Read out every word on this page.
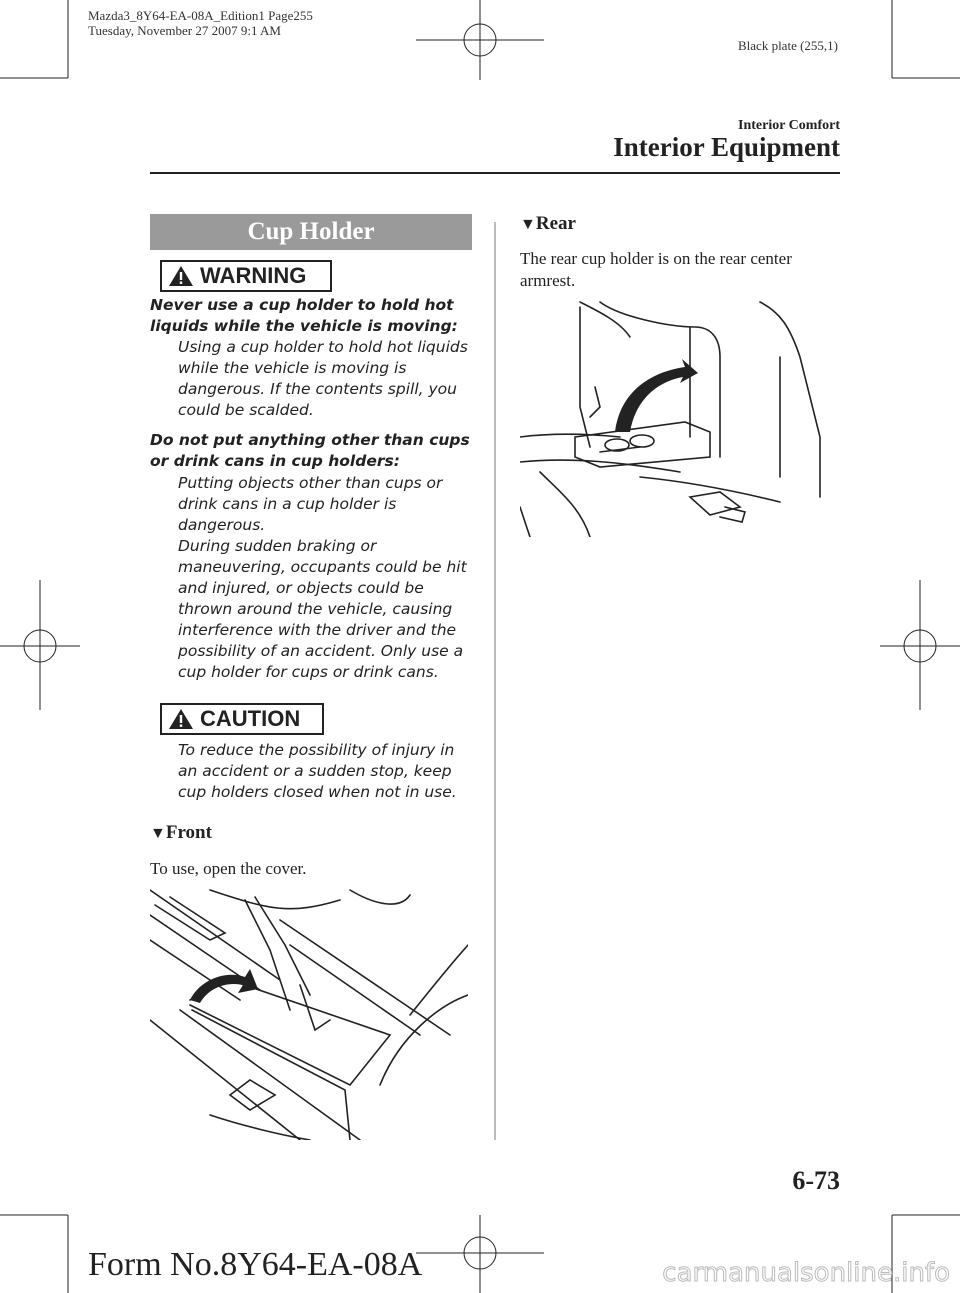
Mazda3_8Y64-EA-08A_Edition1 Page255
Tuesday, November 27 2007 9:1 AM
Black plate (255,1)
Interior Comfort
Interior Equipment
Cup Holder
WARNING
Never use a cup holder to hold hot liquids while the vehicle is moving:
Using a cup holder to hold hot liquids while the vehicle is moving is dangerous. If the contents spill, you could be scalded.
Do not put anything other than cups or drink cans in cup holders:
Putting objects other than cups or drink cans in a cup holder is dangerous.
During sudden braking or maneuvering, occupants could be hit and injured, or objects could be thrown around the vehicle, causing interference with the driver and the possibility of an accident. Only use a cup holder for cups or drink cans.
CAUTION
To reduce the possibility of injury in an accident or a sudden stop, keep cup holders closed when not in use.
▼Front
To use, open the cover.
▼Rear
The rear cup holder is on the rear center armrest.
6-73
Form No.8Y64-EA-08A	carmanualsonline.info
